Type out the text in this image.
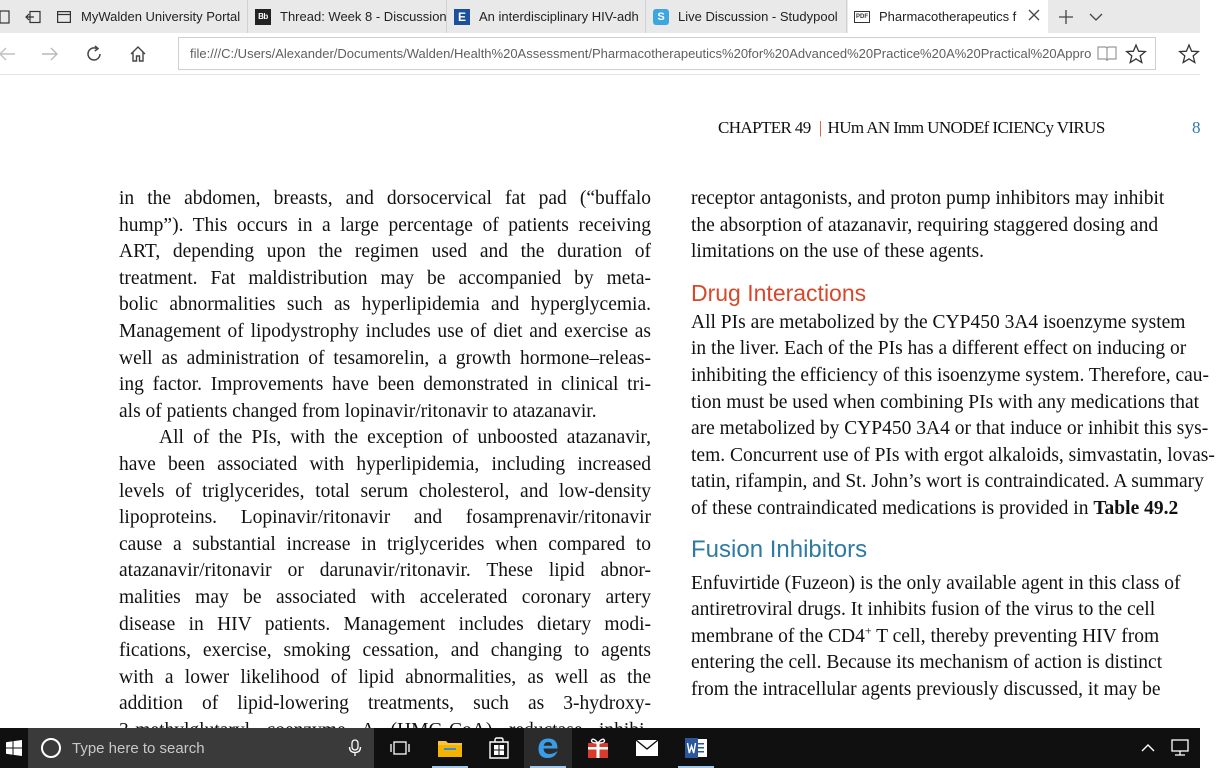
MyWalden University Portal	Bb Thread: Week 8 - Discussion E	An interdisciplinary HIV-adh	S	Live Discussion - Studypool	PDF Pharmacotherapeutics f
file:///C:/Users/Alexander/Documents/Walden/Health%20Assessment/Pharmacotherapeutics%20for%20Advanced%20Practice%20A%20Practical%20Appro
CHAPTER 49 | HUm AN Imm UNODEf ICIENCy VIRUS	8
in the abdomen, breasts, and dorsocervical fat pad (“buffalo
hump”). This occurs in a large percentage of patients receiving
ART, depending upon the regimen used and the duration of
treatment. Fat maldistribution may be accompanied by meta-
bolic abnormalities such as hyperlipidemia and hyperglycemia.
Management of lipodystrophy includes use of diet and exercise as
well as administration of tesamorelin, a growth hormone–releas-
ing factor. Improvements have been demonstrated in clinical tri-
als of patients changed from lopinavir/ritonavir to atazanavir.
All of the PIs, with the exception of unboosted atazanavir,
have been associated with hyperlipidemia, including increased
levels of triglycerides, total serum cholesterol, and low-density
lipoproteins. Lopinavir/ritonavir and fosamprenavir/ritonavir
cause a substantial increase in triglycerides when compared to
atazanavir/ritonavir or darunavir/ritonavir. These lipid abnor-
malities may be associated with accelerated coronary artery
disease in HIV patients. Management includes dietary modi-
fications, exercise, smoking cessation, and changing to agents
with a lower likelihood of lipid abnormalities, as well as the
addition of lipid-lowering treatments, such as 3-hydroxy-
receptor antagonists, and proton pump inhibitors may inhibit
the absorption of atazanavir, requiring staggered dosing and
limitations on the use of these agents.
Drug Interactions
All PIs are metabolized by the CYP450 3A4 isoenzyme system
in the liver. Each of the PIs has a different effect on inducing or
inhibiting the efficiency of this isoenzyme system. Therefore, cau-
tion must be used when combining PIs with any medications that
are metabolized by CYP450 3A4 or that induce or inhibit this sys-
tem. Concurrent use of PIs with ergot alkaloids, simvastatin, lovas-
tatin, rifampin, and St. John’s wort is contraindicated. A summary
of these contraindicated medications is provided in Table 49.2
Fusion Inhibitors
Enfuvirtide (Fuzeon) is the only available agent in this class of
antiretroviral drugs. It inhibits fusion of the virus to the cell
membrane of the CD4+ T cell, thereby preventing HIV from
entering the cell. Because its mechanism of action is distinct
from the intracellular agents previously discussed, it may be
Type here to search
